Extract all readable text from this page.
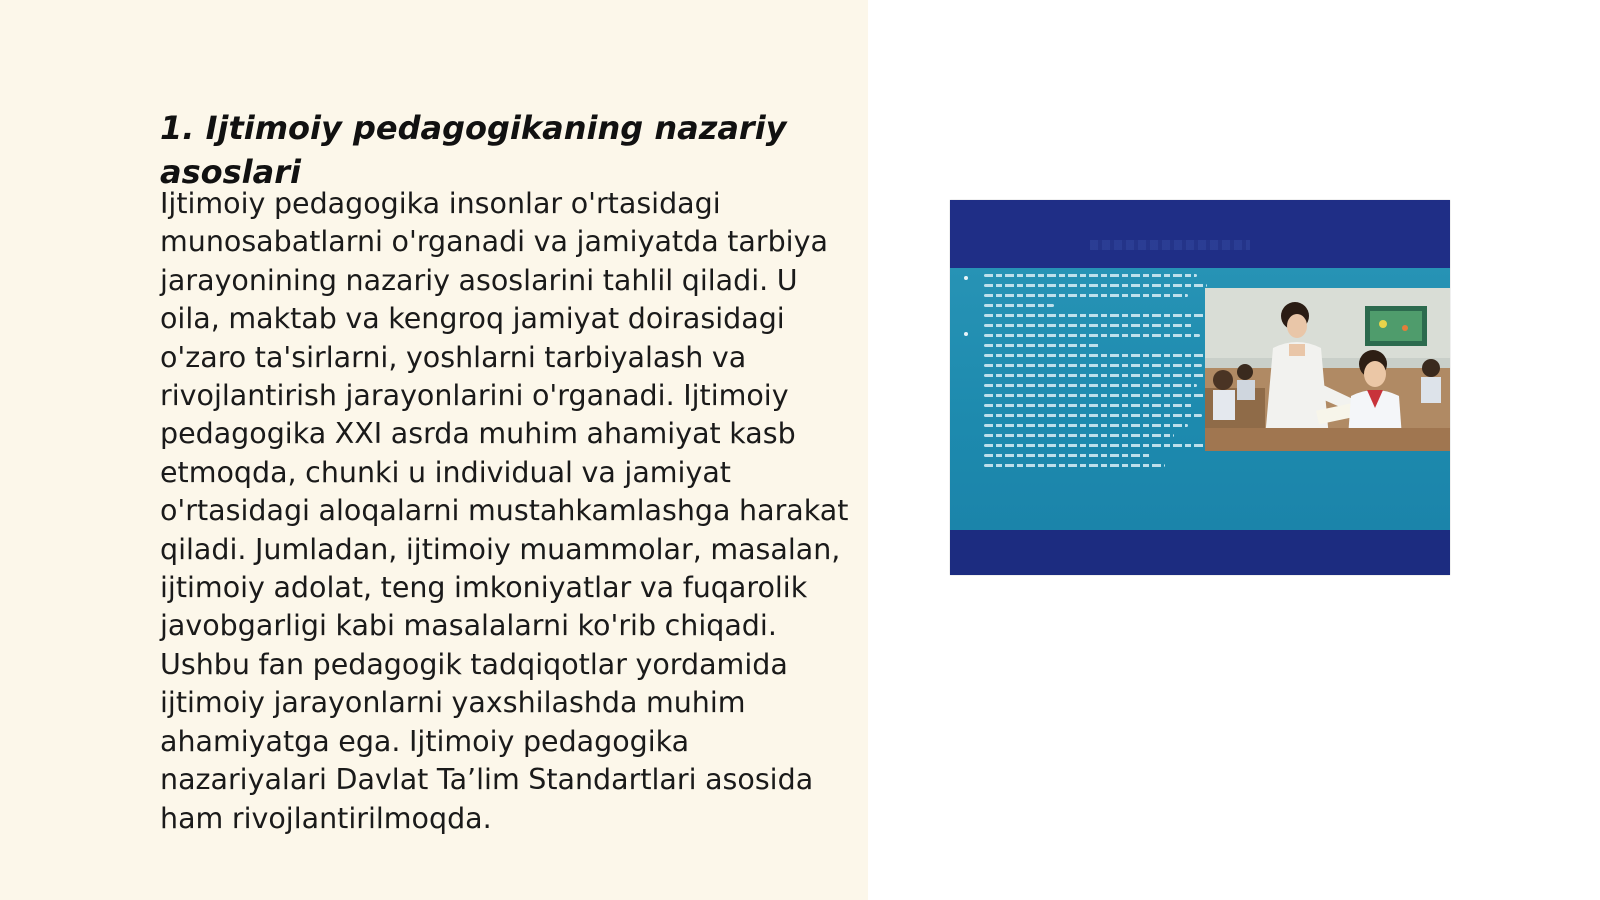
1. Ijtimoiy pedagogikaning nazariy asoslari

Ijtimoiy pedagogika insonlar o'rtasidagi munosabatlarni o'rganadi va jamiyatda tarbiya jarayonining nazariy asoslarini tahlil qiladi. U oila, maktab va kengroq jamiyat doirasidagi o'zaro ta'sirlarni, yoshlarni tarbiyalash va rivojlantirish jarayonlarini o'rganadi. Ijtimoiy pedagogika XXI asrda muhim ahamiyat kasb etmoqda, chunki u individual va jamiyat o'rtasidagi aloqalarni mustahkamlashga harakat qiladi. Jumladan, ijtimoiy muammolar, masalan, ijtimoiy adolat, teng imkoniyatlar va fuqarolik javobgarligi kabi masalalarni ko'rib chiqadi. Ushbu fan pedagogik tadqiqotlar yordamida ijtimoiy jarayonlarni yaxshilashda muhim ahamiyatga ega. Ijtimoiy pedagogika nazariyalari Davlat Ta’lim Standartlari asosida ham rivojlantirilmoqda.
